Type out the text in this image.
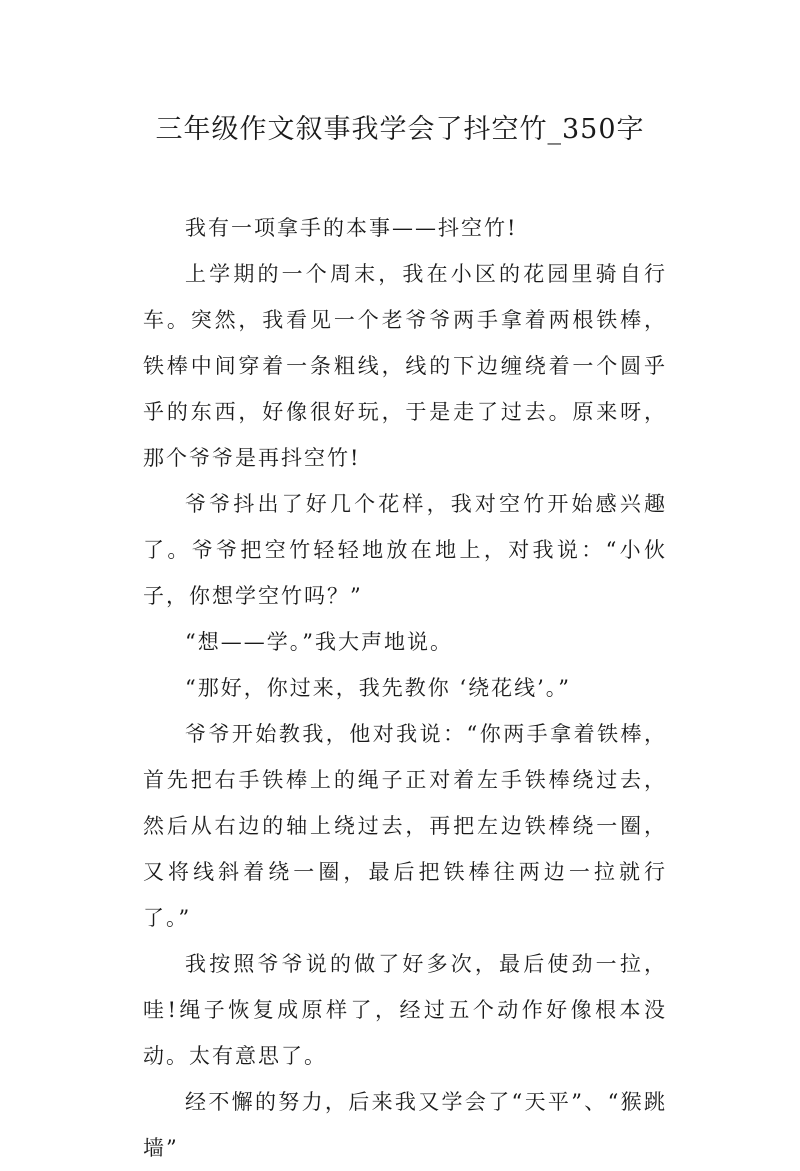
三年级作文叙事我学会了抖空竹_350字

我有一项拿手的本事——抖空竹!

上学期的一个周末，我在小区的花园里骑自行车。突然，我看见一个老爷爷两手拿着两根铁棒，铁棒中间穿着一条粗线，线的下边缠绕着一个圆乎乎的东西，好像很好玩，于是走了过去。原来呀，那个爷爷是再抖空竹!

爷爷抖出了好几个花样，我对空竹开始感兴趣了。爷爷把空竹轻轻地放在地上，对我说：“小伙子，你想学空竹吗？”

“想——学。”我大声地说。

“那好，你过来，我先教你 ‘绕花线’。”

爷爷开始教我，他对我说：“你两手拿着铁棒，首先把右手铁棒上的绳子正对着左手铁棒绕过去，然后从右边的轴上绕过去，再把左边铁棒绕一圈，又将线斜着绕一圈，最后把铁棒往两边一拉就行了。”

我按照爷爷说的做了好多次，最后使劲一拉，哇!绳子恢复成原样了，经过五个动作好像根本没动。太有意思了。

经不懈的努力，后来我又学会了“天平”、“猴跳墙”
